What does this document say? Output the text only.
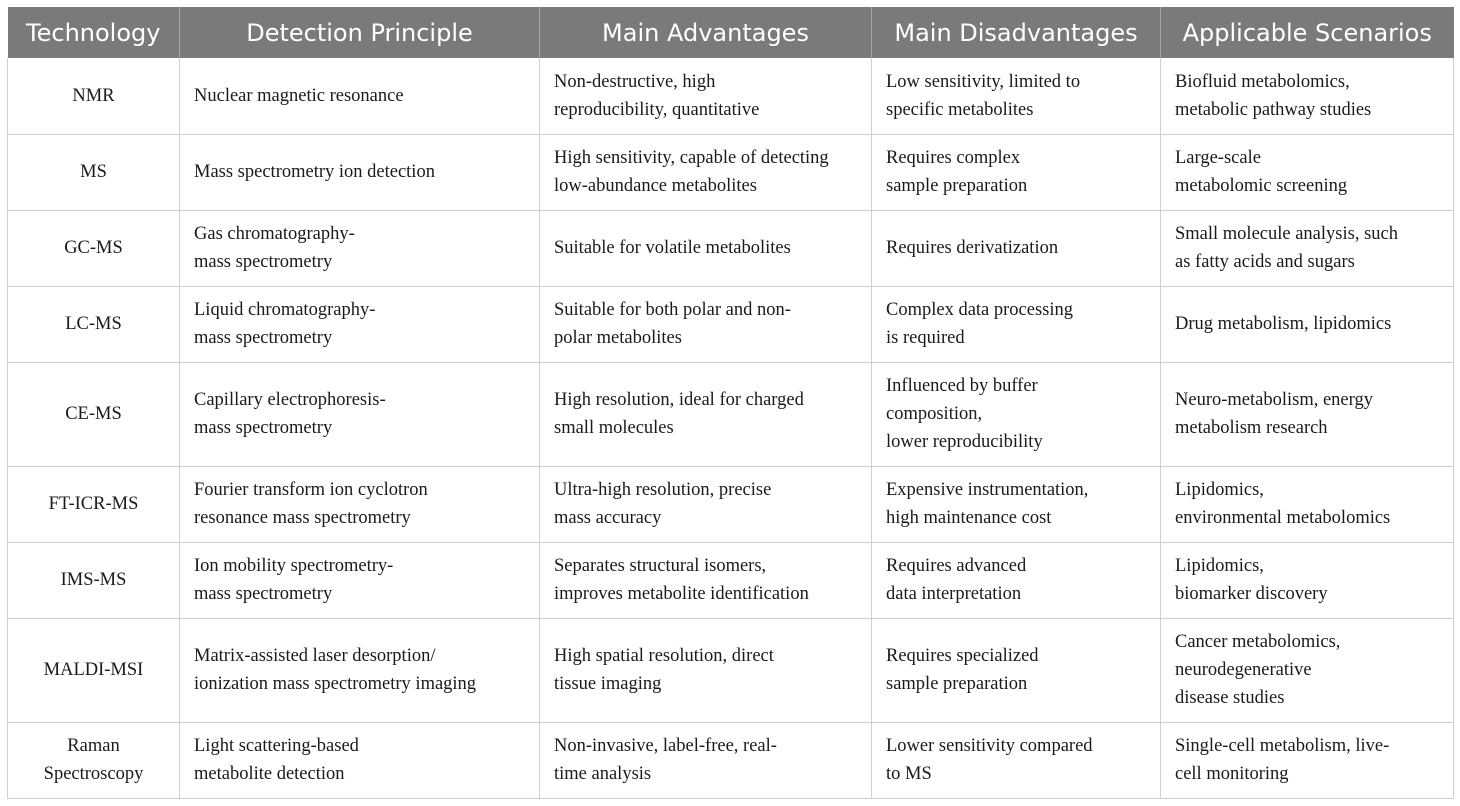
Technology	Detection Principle	Main Advantages	Main Disadvantages	Applicable Scenarios

NMR	Nuclear magnetic resonance	Non-destructive, high
reproducibility, quantitative	Low sensitivity, limited to
specific metabolites	Biofluid metabolomics,
metabolic pathway studies

MS	Mass spectrometry ion detection	High sensitivity, capable of detecting
low-abundance metabolites	Requires complex
sample preparation	Large-scale
metabolomic screening

GC-MS	Gas chromatography-
mass spectrometry	Suitable for volatile metabolites	Requires derivatization	Small molecule analysis, such
as fatty acids and sugars

LC-MS	Liquid chromatography-
mass spectrometry	Suitable for both polar and non-
polar metabolites	Complex data processing
is required	Drug metabolism, lipidomics

CE-MS	Capillary electrophoresis-
mass spectrometry	High resolution, ideal for charged
small molecules	Influenced by buffer
composition,
lower reproducibility	Neuro-metabolism, energy
metabolism research

FT-ICR-MS	Fourier transform ion cyclotron
resonance mass spectrometry	Ultra-high resolution, precise
mass accuracy	Expensive instrumentation,
high maintenance cost	Lipidomics,
environmental metabolomics

IMS-MS	Ion mobility spectrometry-
mass spectrometry	Separates structural isomers,
improves metabolite identification	Requires advanced
data interpretation	Lipidomics,
biomarker discovery

MALDI-MSI	Matrix-assisted laser desorption/
ionization mass spectrometry imaging	High spatial resolution, direct
tissue imaging	Requires specialized
sample preparation	Cancer metabolomics,
neurodegenerative
disease studies

Raman
Spectroscopy	Light scattering-based
metabolite detection	Non-invasive, label-free, real-
time analysis	Lower sensitivity compared
to MS	Single-cell metabolism, live-
cell monitoring
